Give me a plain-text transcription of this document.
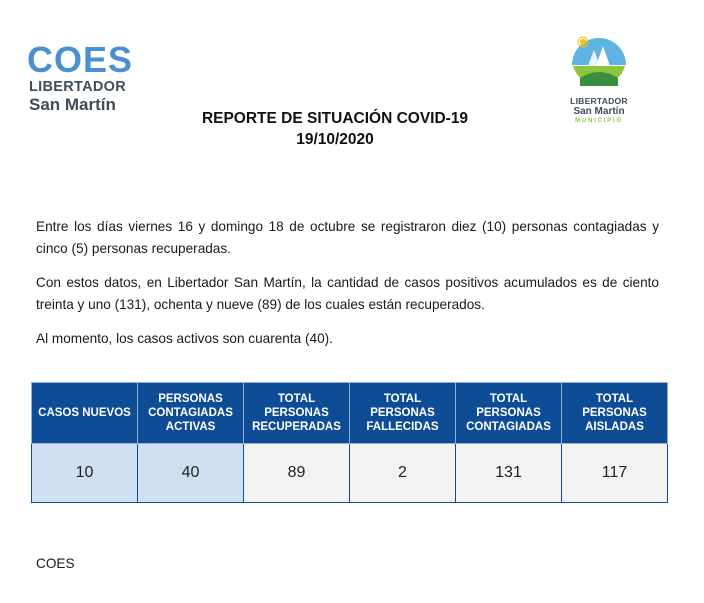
COES
LIBERTADOR
San Martín	LIBERTADOR
San Martín
MUNICIPIO
REPORTE DE SITUACIÓN COVID-19
19/10/2020

Entre los días viernes 16 y domingo 18 de octubre se registraron diez (10) personas contagiadas y cinco (5) personas recuperadas.

Con estos datos, en Libertador San Martín, la cantidad de casos positivos acumulados es de ciento treinta y uno (131), ochenta y nueve (89) de los cuales están recuperados.

Al momento, los casos activos son cuarenta (40).

CASOS NUEVOS	PERSONAS CONTAGIADAS ACTIVAS	TOTAL PERSONAS RECUPERADAS	TOTAL PERSONAS FALLECIDAS	TOTAL PERSONAS CONTAGIADAS	TOTAL PERSONAS AISLADAS
10	40	89	2	131	117
COES
